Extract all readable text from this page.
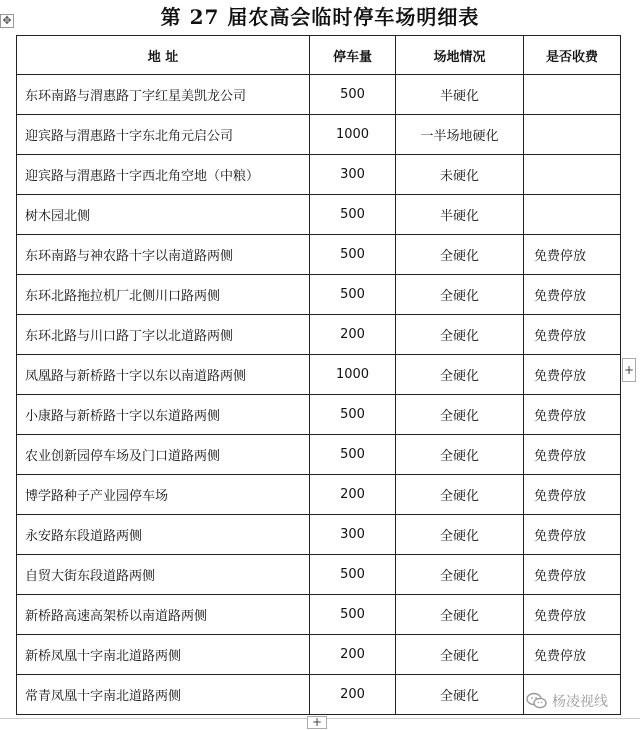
第 27 届农高会临时停车场明细表
✥
地 址	停车量	场地情况	是否收费
东环南路与渭惠路丁字红星美凯龙公司	500	半硬化	
迎宾路与渭惠路十字东北角元启公司	1000	一半场地硬化	
迎宾路与渭惠路十字西北角空地（中粮）	300	未硬化	
树木园北侧	500	半硬化	
东环南路与神农路十字以南道路两侧	500	全硬化	免费停放
东环北路拖拉机厂北侧川口路两侧	500	全硬化	免费停放
东环北路与川口路丁字以北道路两侧	200	全硬化	免费停放
凤凰路与新桥路十字以东以南道路两侧	1000	全硬化	免费停放
小康路与新桥路十字以东道路两侧	500	全硬化	免费停放
农业创新园停车场及门口道路两侧	500	全硬化	免费停放
博学路种子产业园停车场	200	全硬化	免费停放
永安路东段道路两侧	300	全硬化	免费停放
自贸大街东段道路两侧	500	全硬化	免费停放
新桥路高速高架桥以南道路两侧	500	全硬化	免费停放
新桥凤凰十字南北道路两侧	200	全硬化	免费停放
常青凤凰十字南北道路两侧	200	全硬化	
+
+
杨凌视线
